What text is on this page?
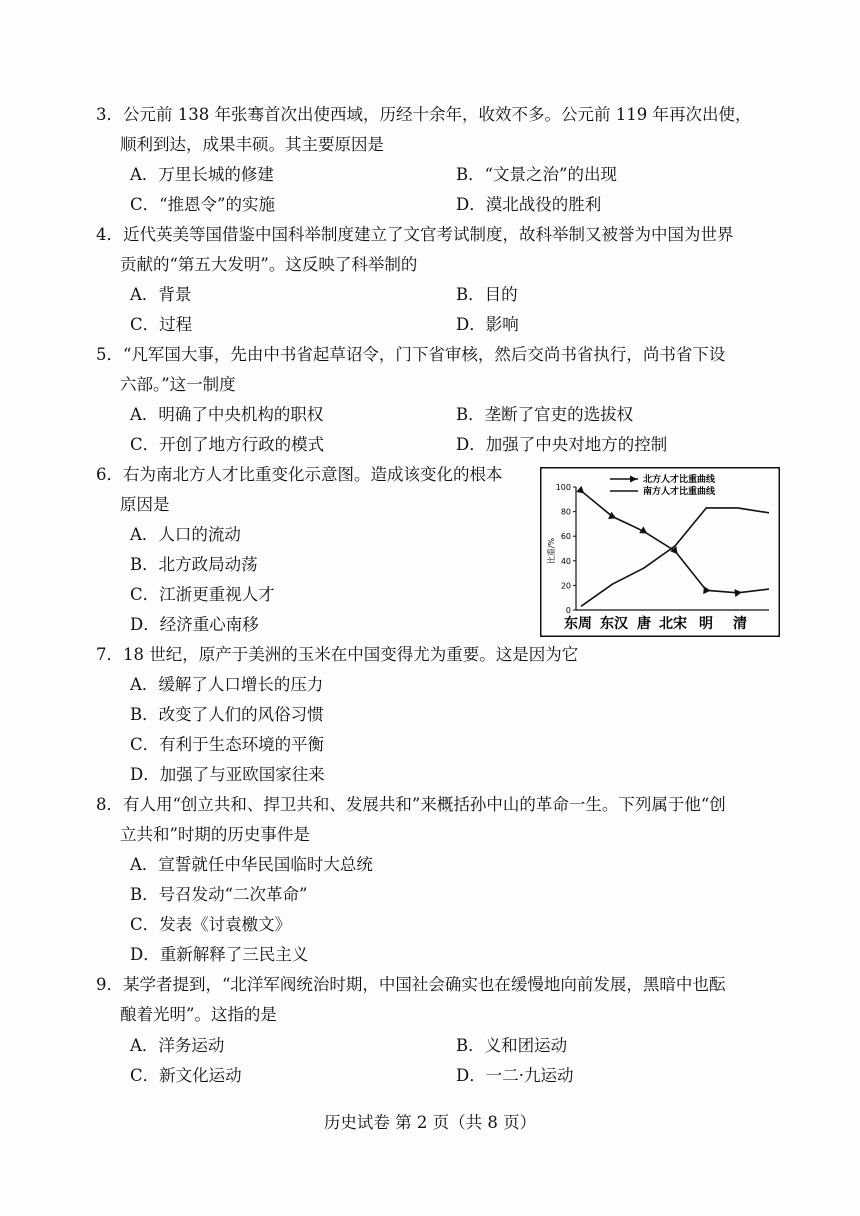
3．公元前 138 年张骞首次出使西域，历经十余年，收效不多。公元前 119 年再次出使，
顺利到达，成果丰硕。其主要原因是
A．万里长城的修建	B．“文景之治”的出现
C．“推恩令”的实施	D．漠北战役的胜利
4．近代英美等国借鉴中国科举制度建立了文官考试制度，故科举制又被誉为中国为世界
贡献的“第五大发明”。这反映了科举制的
A．背景	B．目的
C．过程	D．影响
5．“凡军国大事，先由中书省起草诏令，门下省审核，然后交尚书省执行，尚书省下设
六部。”这一制度
A．明确了中央机构的职权	B．垄断了官吏的选拔权
C．开创了地方行政的模式	D．加强了中央对地方的控制
6．右为南北方人才比重变化示意图。造成该变化的根本
原因是
A．人口的流动
B．北方政局动荡
C．江浙更重视人才
D．经济重心南移
比重/%
北方人才比重曲线
南方人才比重曲线
0
20
40
60
80
100
东周 东汉 唐 北宋 明 清
7．18 世纪，原产于美洲的玉米在中国变得尤为重要。这是因为它
A．缓解了人口增长的压力
B．改变了人们的风俗习惯
C．有利于生态环境的平衡
D．加强了与亚欧国家往来
8．有人用“创立共和、捍卫共和、发展共和”来概括孙中山的革命一生。下列属于他“创
立共和”时期的历史事件是
A．宣誓就任中华民国临时大总统
B．号召发动“二次革命”
C．发表《讨袁檄文》
D．重新解释了三民主义
9．某学者提到，“北洋军阀统治时期，中国社会确实也在缓慢地向前发展，黑暗中也酝
酿着光明”。这指的是
A．洋务运动	B．义和团运动
C．新文化运动	D．一二·九运动
历史试卷 第 2 页（共 8 页）
